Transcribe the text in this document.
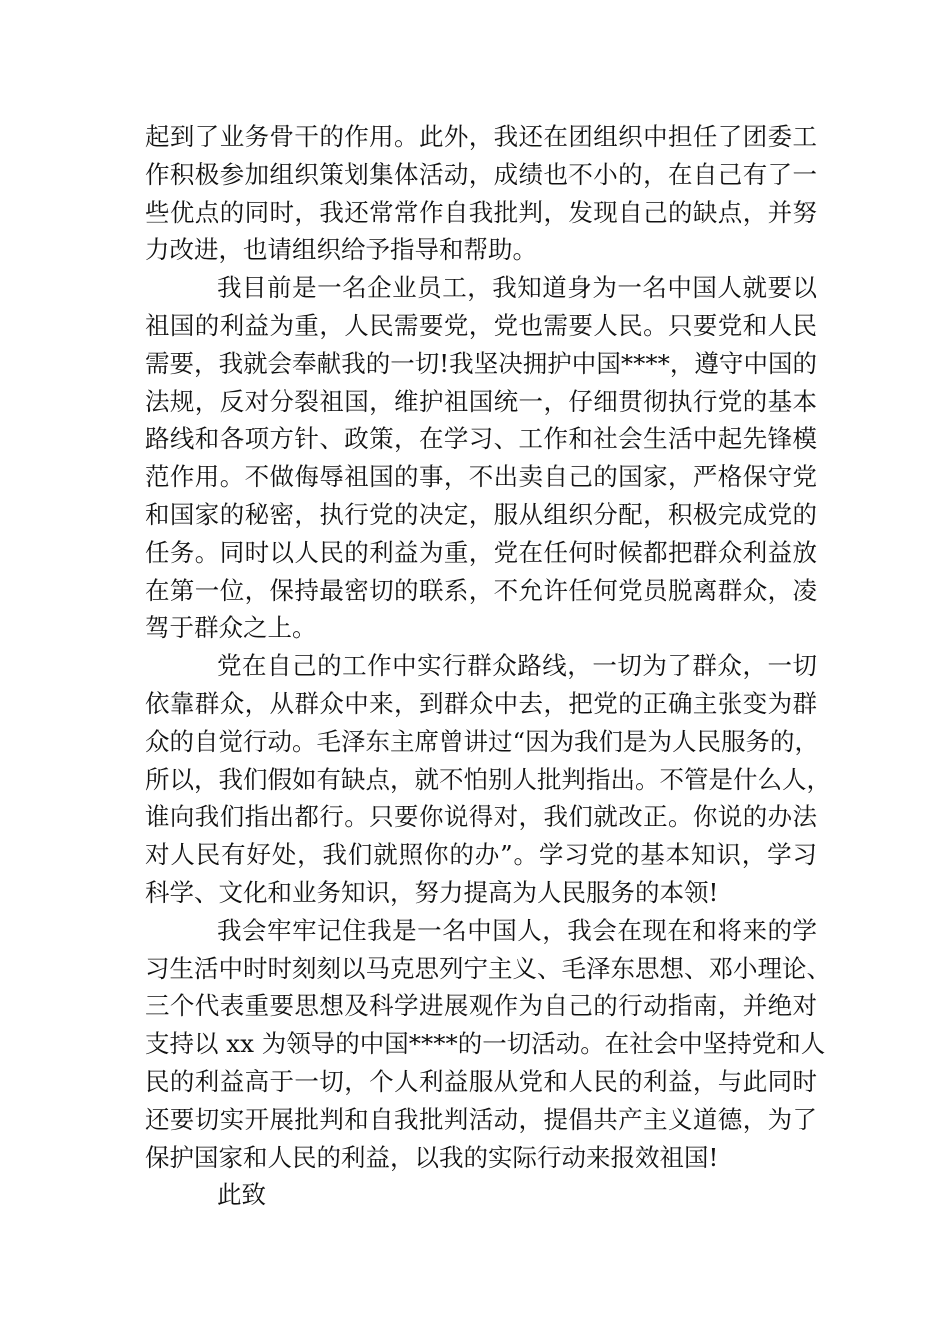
起到了业务骨干的作用。此外，我还在团组织中担任了团委工
作积极参加组织策划集体活动，成绩也不小的，在自己有了一
些优点的同时，我还常常作自我批判，发现自己的缺点，并努
力改进，也请组织给予指导和帮助。
我目前是一名企业员工，我知道身为一名中国人就要以
祖国的利益为重，人民需要党，党也需要人民。只要党和人民
需要，我就会奉献我的一切!我坚决拥护中国****，遵守中国的
法规，反对分裂祖国，维护祖国统一，仔细贯彻执行党的基本
路线和各项方针、政策，在学习、工作和社会生活中起先锋模
范作用。不做侮辱祖国的事，不出卖自己的国家，严格保守党
和国家的秘密，执行党的决定，服从组织分配，积极完成党的
任务。同时以人民的利益为重，党在任何时候都把群众利益放
在第一位，保持最密切的联系，不允许任何党员脱离群众，凌
驾于群众之上。
党在自己的工作中实行群众路线，一切为了群众，一切
依靠群众，从群众中来，到群众中去，把党的正确主张变为群
众的自觉行动。毛泽东主席曾讲过“因为我们是为人民服务的，
所以，我们假如有缺点，就不怕别人批判指出。不管是什么人，
谁向我们指出都行。只要你说得对，我们就改正。你说的办法
对人民有好处，我们就照你的办”。学习党的基本知识，学习
科学、文化和业务知识，努力提高为人民服务的本领!
我会牢牢记住我是一名中国人，我会在现在和将来的学
习生活中时时刻刻以马克思列宁主义、毛泽东思想、邓小理论、
三个代表重要思想及科学进展观作为自己的行动指南，并绝对
支持以 xx 为领导的中国****的一切活动。在社会中坚持党和人
民的利益高于一切，个人利益服从党和人民的利益，与此同时
还要切实开展批判和自我批判活动，提倡共产主义道德，为了
保护国家和人民的利益，以我的实际行动来报效祖国!
此致
